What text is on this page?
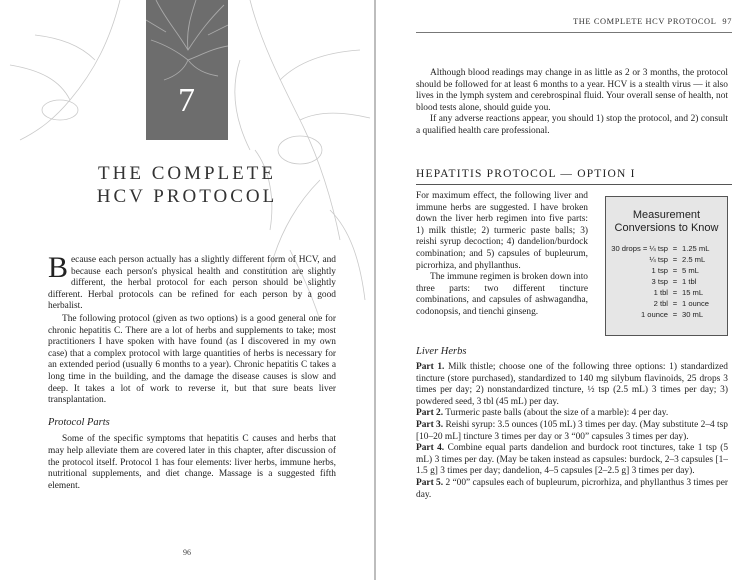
7
THE COMPLETE
HCV PROTOCOL

Because each person actually has a slightly different form of HCV, and because each person's physical health and constitution are slightly different, the herbal protocol for each person should be slightly different. Herbal protocols can be refined for each person by a good herbalist.

The following protocol (given as two options) is a good general one for chronic hepatitis C. There are a lot of herbs and supplements to take; most practitioners I have spoken with have found (as I discovered in my own case) that a complex protocol with large quantities of herbs is necessary for an extended period (usually 6 months to a year). Chronic hepatitis C takes a long time in the building, and the damage the disease causes is slow and deep. It takes a lot of work to reverse it, but that sure beats liver transplantation.

Protocol Parts

Some of the specific symptoms that hepatitis C causes and herbs that may help alleviate them are covered later in this chapter, after discussion of the protocol itself. Protocol 1 has four elements: liver herbs, immune herbs, nutritional supplements, and diet change. Massage is a suggested fifth element.

96
THE COMPLETE HCV PROTOCOL 97

Although blood readings may change in as little as 2 or 3 months, the protocol should be followed for at least 6 months to a year. HCV is a stealth virus — it also lives in the lymph system and cerebrospinal fluid. Your overall sense of health, not blood tests alone, should guide you.

If any adverse reactions appear, you should 1) stop the protocol, and 2) consult a qualified health care professional.

HEPATITIS PROTOCOL — OPTION I

For maximum effect, the following liver and immune herbs are suggested. I have broken down the liver herb regimen into five parts: 1) milk thistle; 2) turmeric paste balls; 3) reishi syrup decoction; 4) dandelion/burdock combination; and 5) capsules of bupleurum, picrorhiza, and phyllanthus.

The immune regimen is broken down into three parts: two different tincture combinations, and capsules of ashwagandha, codonopsis, and tienchi ginseng.

Measurement
Conversions to Know
30 drops = ¼ tsp = 1.25 mL
¼ tsp = 2.5 mL
1 tsp = 5 mL
3 tsp = 1 tbl
1 tbl = 15 mL
2 tbl = 1 ounce
1 ounce = 30 mL
Liver Herbs

Part 1. Milk thistle; choose one of the following three options: 1) standardized tincture (store purchased), standardized to 140 mg silybum flavinoids, 25 drops 3 times per day; 2) nonstandardized tincture, ½ tsp (2.5 mL) 3 times per day; 3) powdered seed, 3 tbl (45 mL) per day.

Part 2. Turmeric paste balls (about the size of a marble): 4 per day.

Part 3. Reishi syrup: 3.5 ounces (105 mL) 3 times per day. (May substitute 2–4 tsp [10–20 mL] tincture 3 times per day or 3 “00” capsules 3 times per day).

Part 4. Combine equal parts dandelion and burdock root tinctures, take 1 tsp (5 mL) 3 times per day. (May be taken instead as capsules: burdock, 2–3 capsules [1–1.5 g] 3 times per day; dandelion, 4–5 capsules [2–2.5 g] 3 times per day).

Part 5. 2 “00” capsules each of bupleurum, picrorhiza, and phyllanthus 3 times per day.
